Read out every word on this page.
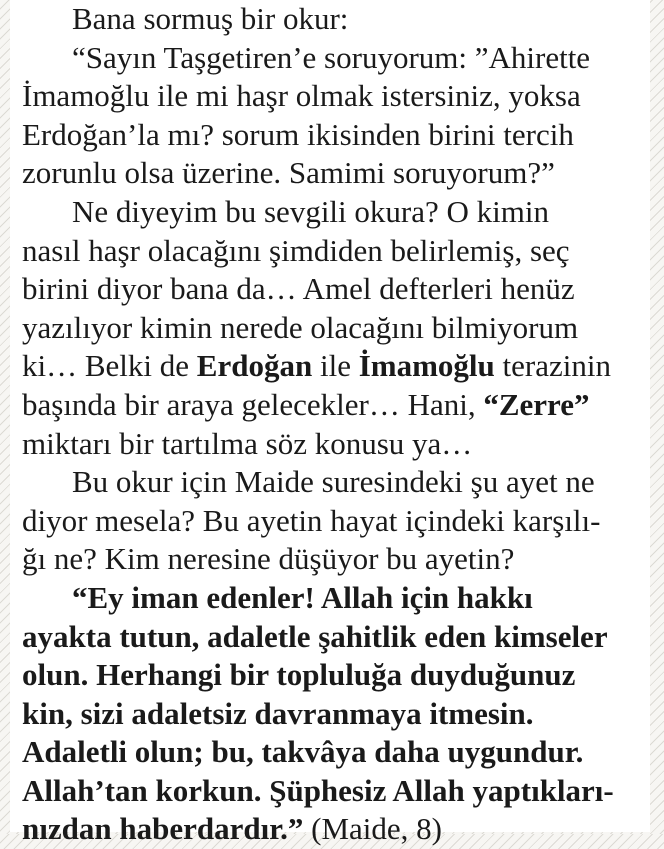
Bana sormuş bir okur:
“Sayın Taşgetiren’e soruyorum: ”Ahirette
İmamoğlu ile mi haşr olmak istersiniz, yoksa
Erdoğan’la mı? sorum ikisinden birini tercih
zorunlu olsa üzerine. Samimi soruyorum?”
Ne diyeyim bu sevgili okura? O kimin
nasıl haşr olacağını şimdiden belirlemiş, seç
birini diyor bana da… Amel defterleri henüz
yazılıyor kimin nerede olacağını bilmiyorum
ki… Belki de Erdoğan ile İmamoğlu terazinin
başında bir araya gelecekler… Hani, “Zerre”
miktarı bir tartılma söz konusu ya…
Bu okur için Maide suresindeki şu ayet ne
diyor mesela? Bu ayetin hayat içindeki karşılı-
ğı ne? Kim neresine düşüyor bu ayetin?
“Ey iman edenler! Allah için hakkı
ayakta tutun, adaletle şahitlik eden kimseler
olun. Herhangi bir topluluğa duyduğunuz
kin, sizi adaletsiz davranmaya itmesin.
Adaletli olun; bu, takvâya daha uygundur.
Allah’tan korkun. Şüphesiz Allah yaptıkları-
nızdan haberdardır.” (Maide, 8)
